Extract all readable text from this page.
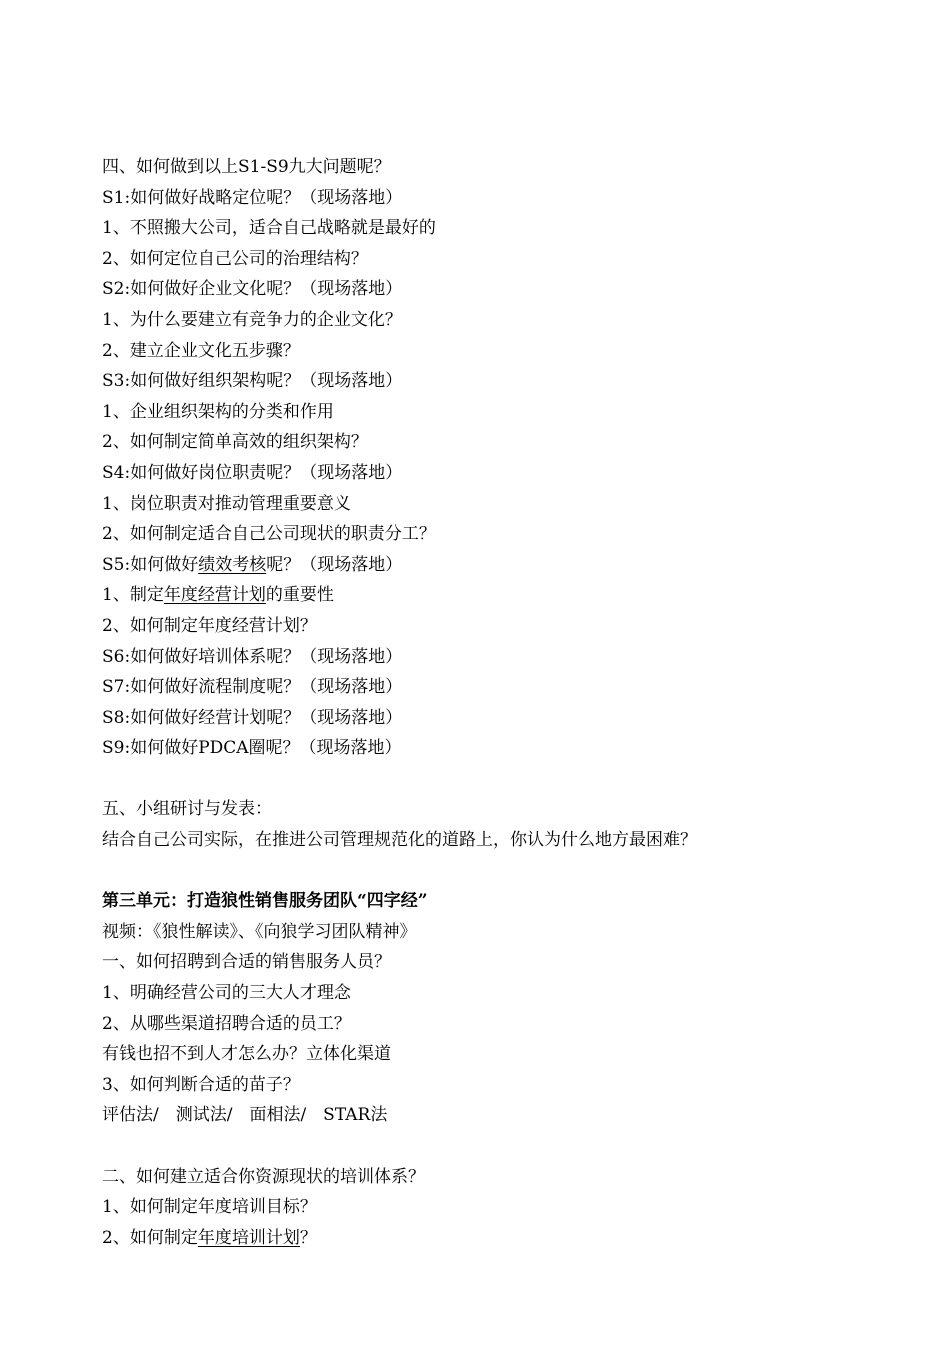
四、如何做到以上S1-S9九大问题呢？
S1:如何做好战略定位呢？（现场落地）
1、不照搬大公司，适合自己战略就是最好的
2、如何定位自己公司的治理结构？
S2:如何做好企业文化呢？（现场落地）
1、为什么要建立有竞争力的企业文化？
2、建立企业文化五步骤？
S3:如何做好组织架构呢？（现场落地）
1、企业组织架构的分类和作用
2、如何制定简单高效的组织架构？
S4:如何做好岗位职责呢？（现场落地）
1、岗位职责对推动管理重要意义
2、如何制定适合自己公司现状的职责分工？
S5:如何做好绩效考核呢？（现场落地）
1、制定年度经营计划的重要性
2、如何制定年度经营计划？
S6:如何做好培训体系呢？（现场落地）
S7:如何做好流程制度呢？（现场落地）
S8:如何做好经营计划呢？（现场落地）
S9:如何做好PDCA圈呢？（现场落地）
五、小组研讨与发表：
结合自己公司实际，在推进公司管理规范化的道路上，你认为什么地方最困难？
第三单元：打造狼性销售服务团队“四字经”
视频：《狼性解读》、《向狼学习团队精神》
一、如何招聘到合适的销售服务人员？
1、明确经营公司的三大人才理念
2、从哪些渠道招聘合适的员工？
有钱也招不到人才怎么办？立体化渠道
3、如何判断合适的苗子？
评估法/　测试法/　面相法/　STAR法
二、如何建立适合你资源现状的培训体系？
1、如何制定年度培训目标？
2、如何制定年度培训计划？
